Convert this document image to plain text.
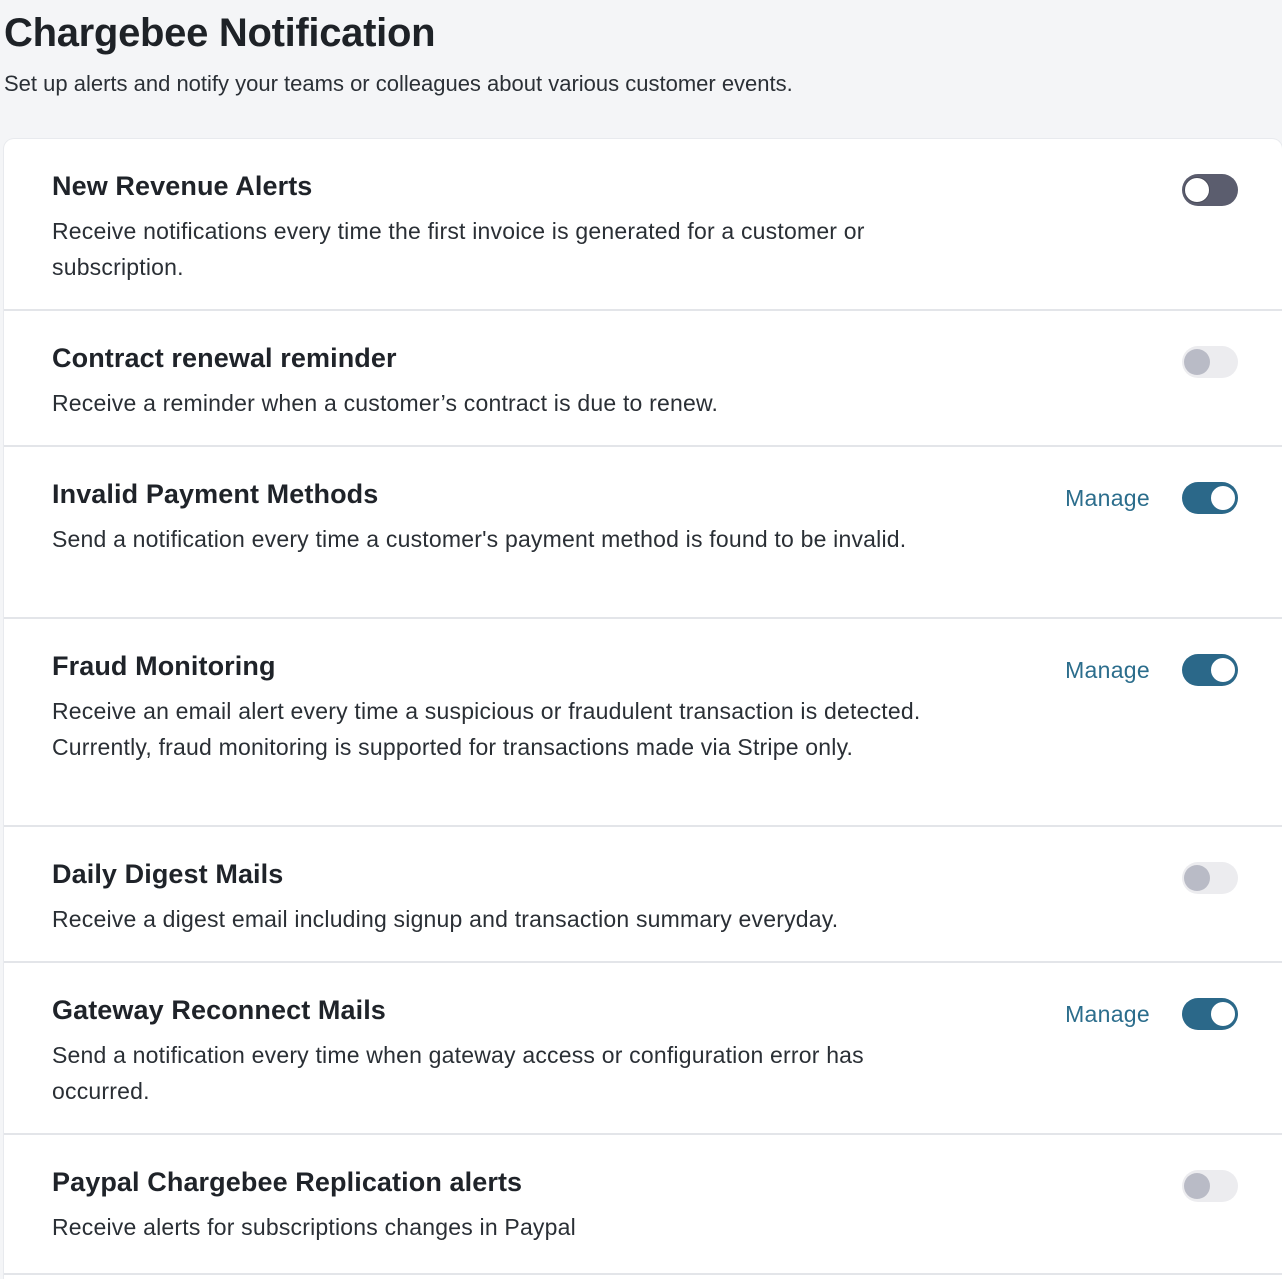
Chargebee Notification

Set up alerts and notify your teams or colleagues about various customer events.

New Revenue Alerts
Receive notifications every time the first invoice is generated for a customer or subscription.
Contract renewal reminder
Receive a reminder when a customer’s contract is due to renew.
Invalid Payment Methods
Send a notification every time a customer's payment method is found to be invalid.
Manage
Fraud Monitoring
Receive an email alert every time a suspicious or fraudulent transaction is detected. Currently, fraud monitoring is supported for transactions made via Stripe only.
Manage
Daily Digest Mails
Receive a digest email including signup and transaction summary everyday.
Gateway Reconnect Mails
Send a notification every time when gateway access or configuration error has occurred.
Manage
Paypal Chargebee Replication alerts
Receive alerts for subscriptions changes in Paypal
